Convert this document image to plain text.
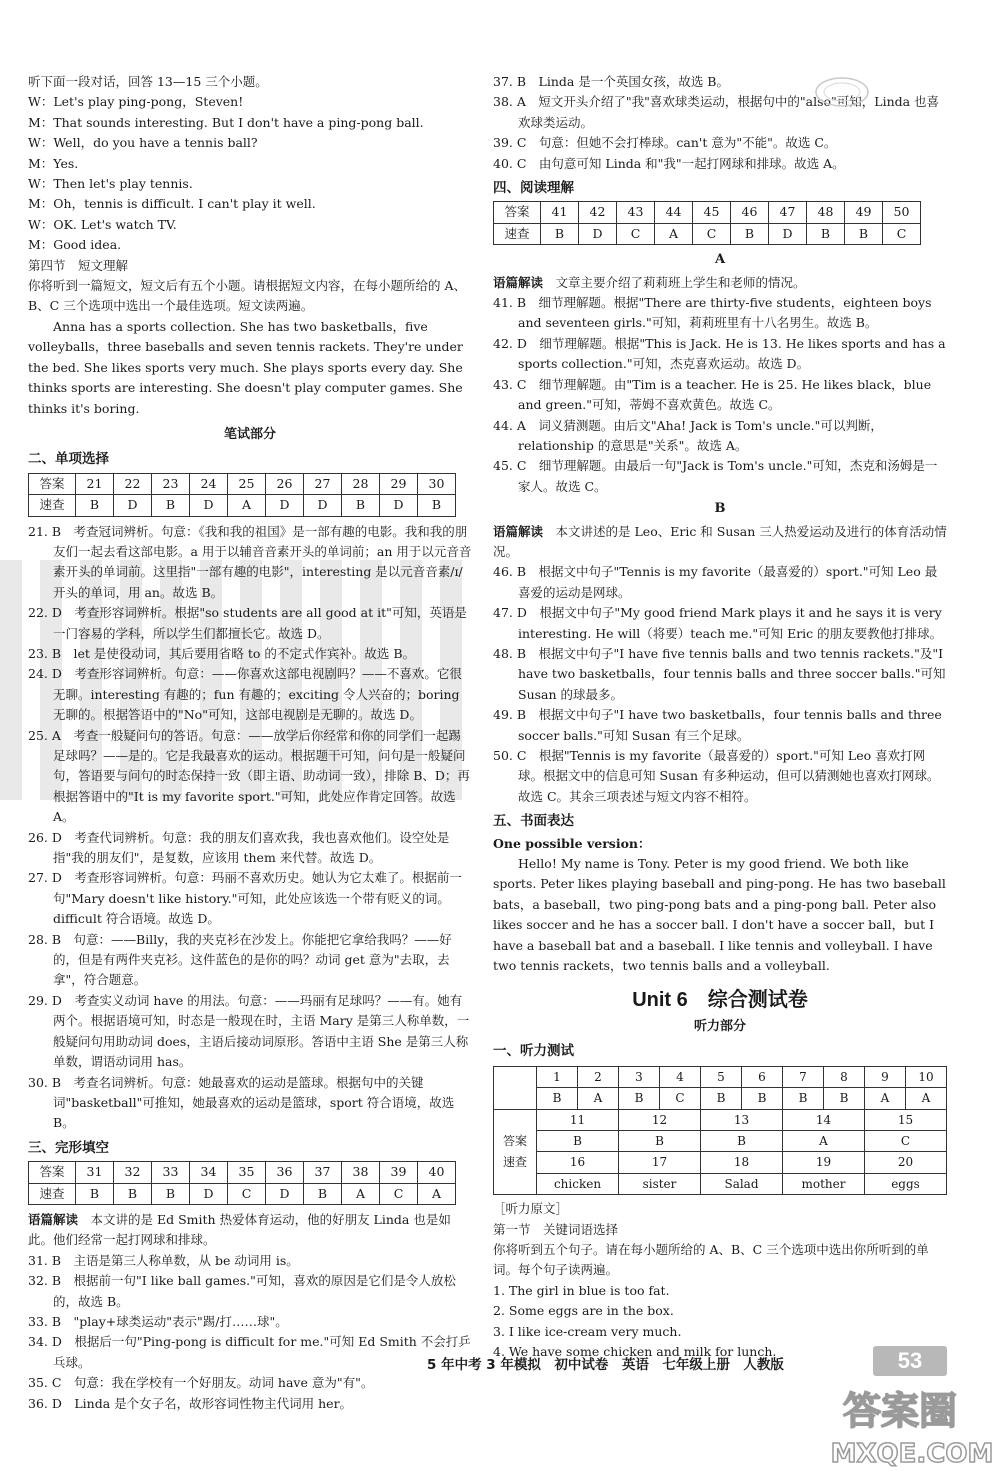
听下面一段对话，回答 13—15 三个小题。

W：Let's play ping-pong，Steven!

M：That sounds interesting. But I don't have a ping-pong ball.

W：Well，do you have a tennis ball?

M：Yes.

W：Then let's play tennis.

M：Oh，tennis is difficult. I can't play it well.

W：OK. Let's watch TV.

M：Good idea.

第四节　短文理解

你将听到一篇短文，短文后有五个小题。请根据短文内容，在每小题所给的 A、B、C 三个选项中选出一个最佳选项。短文读两遍。

Anna has a sports collection. She has two basketballs，five volleyballs，three baseballs and seven tennis rackets. They're under the bed. She likes sports very much. She plays sports every day. She thinks sports are interesting. She doesn't play computer games. She thinks it's boring.

笔试部分

二、单项选择

答案	21	22	23	24	25	26	27	28	29	30
速查	B	D	B	D	A	D	D	B	D	B

21. B　考查冠词辨析。句意：《我和我的祖国》是一部有趣的电影。我和我的朋友们一起去看这部电影。a 用于以辅音音素开头的单词前；an 用于以元音音素开头的单词前。这里指"一部有趣的电影"，interesting 是以元音音素/ɪ/开头的单词，用 an。故选 B。

22. D　考查形容词辨析。根据"so students are all good at it"可知，英语是一门容易的学科，所以学生们都擅长它。故选 D。

23. B　let 是使役动词，其后要用省略 to 的不定式作宾补。故选 B。

24. D　考查形容词辨析。句意：——你喜欢这部电视剧吗？——不喜欢。它很无聊。interesting 有趣的；fun 有趣的；exciting 令人兴奋的；boring 无聊的。根据答语中的"No"可知，这部电视剧是无聊的。故选 D。

25. A　考查一般疑问句的答语。句意：——放学后你经常和你的同学们一起踢足球吗？——是的。它是我最喜欢的运动。根据题干可知，问句是一般疑问句，答语要与问句的时态保持一致（即主语、助动词一致），排除 B、D；再根据答语中的"It is my favorite sport."可知，此处应作肯定回答。故选 A。

26. D　考查代词辨析。句意：我的朋友们喜欢我，我也喜欢他们。设空处是指"我的朋友们"，是复数，应该用 them 来代替。故选 D。

27. D　考查形容词辨析。句意：玛丽不喜欢历史。她认为它太难了。根据前一句"Mary doesn't like history."可知，此处应该选一个带有贬义的词。difficult 符合语境。故选 D。

28. B　句意：——Billy，我的夹克衫在沙发上。你能把它拿给我吗？——好的，但是有两件夹克衫。这件蓝色的是你的吗？动词 get 意为"去取，去拿"，符合题意。

29. D　考查实义动词 have 的用法。句意：——玛丽有足球吗？——有。她有两个。根据语境可知，时态是一般现在时，主语 Mary 是第三人称单数，一般疑问句用助动词 does，主语后接动词原形。答语中主语 She 是第三人称单数，谓语动词用 has。

30. B　考查名词辨析。句意：她最喜欢的运动是篮球。根据句中的关键词"basketball"可推知，她最喜欢的运动是篮球，sport 符合语境，故选 B。

三、完形填空

答案	31	32	33	34	35	36	37	38	39	40
速查	B	B	B	D	C	D	B	A	C	A

语篇解读　 本文讲的是 Ed Smith 热爱体育运动，他的好朋友 Linda 也是如此。他们经常一起打网球和排球。

31. B　主语是第三人称单数，从 be 动词用 is。

32. B　根据前一句"I like ball games."可知，喜欢的原因是它们是令人放松的，故选 B。

33. B　"play+球类运动"表示"踢/打……球"。

34. D　根据后一句"Ping-pong is difficult for me."可知 Ed Smith 不会打乒乓球。

35. C　句意：我在学校有一个好朋友。动词 have 意为"有"。

36. D　Linda 是个女子名，故形容词性物主代词用 her。

37. B　Linda 是一个英国女孩，故选 B。

38. A　短文开头介绍了"我"喜欢球类运动，根据句中的"also"可知，Linda 也喜欢球类运动。

39. C　句意：但她不会打棒球。can't 意为"不能"。故选 C。

40. C　由句意可知 Linda 和"我"一起打网球和排球。故选 A。

四、阅读理解

答案	41	42	43	44	45	46	47	48	49	50
速查	B	D	C	A	C	B	D	B	B	C

A

语篇解读　 文章主要介绍了莉莉班上学生和老师的情况。

41. B　细节理解题。根据"There are thirty-five students，eighteen boys and seventeen girls."可知，莉莉班里有十八名男生。故选 B。

42. D　细节理解题。根据"This is Jack. He is 13. He likes sports and has a sports collection."可知，杰克喜欢运动。故选 D。

43. C　细节理解题。由"Tim is a teacher. He is 25. He likes black，blue and green."可知，蒂姆不喜欢黄色。故选 C。

44. A　词义猜测题。由后文"Aha! Jack is Tom's uncle."可以判断，relationship 的意思是"关系"。故选 A。

45. C　细节理解题。由最后一句"Jack is Tom's uncle."可知，杰克和汤姆是一家人。故选 C。

B

语篇解读　 本文讲述的是 Leo、Eric 和 Susan 三人热爱运动及进行的体育活动情况。

46. B　根据文中句子"Tennis is my favorite（最喜爱的）sport."可知 Leo 最喜爱的运动是网球。

47. D　根据文中句子"My good friend Mark plays it and he says it is very interesting. He will（将要）teach me."可知 Eric 的朋友要教他打排球。

48. B　根据文中句子"I have five tennis balls and two tennis rackets."及"I have two basketballs，four tennis balls and three soccer balls."可知 Susan 的球最多。

49. B　根据文中句子"I have two basketballs，four tennis balls and three soccer balls."可知 Susan 有三个足球。

50. C　根据"Tennis is my favorite（最喜爱的）sport."可知 Leo 喜欢打网球。根据文中的信息可知 Susan 有多种运动，但可以猜测她也喜欢打网球。故选 C。其余三项表述与短文内容不相符。

五、书面表达

One possible version：

Hello! My name is Tony. Peter is my good friend. We both like sports. Peter likes playing baseball and ping-pong. He has two baseball bats，a baseball，two ping-pong bats and a ping-pong ball. Peter also likes soccer and he has a soccer ball. I don't have a soccer ball，but I have a baseball bat and a baseball. I like tennis and volleyball. I have two tennis rackets，two tennis balls and a volleyball.

Unit 6　综合测试卷

听力部分

一、听力测试

	1	2	3	4	5	6	7	8	9	10
	B	A	B	C	B	B	B	B	A	A
答案
速查	11		12		13		14		15	
	B		B		B		A		C	
	16		17		18		19		20	
	chicken		sister		Salad		mother		eggs	

［听力原文］

第一节　关键词语选择

你将听到五个句子。请在每小题所给的 A、B、C 三个选项中选出你所听到的单词。每个句子读两遍。

1. The girl in blue is too fat.

2. Some eggs are in the box.

3. I like ice-cream very much.

4. We have some chicken and milk for lunch.

5 年中考 3 年模拟　初中试卷　英语　七年级上册　人教版	53
答案圈
MXQE.COM
